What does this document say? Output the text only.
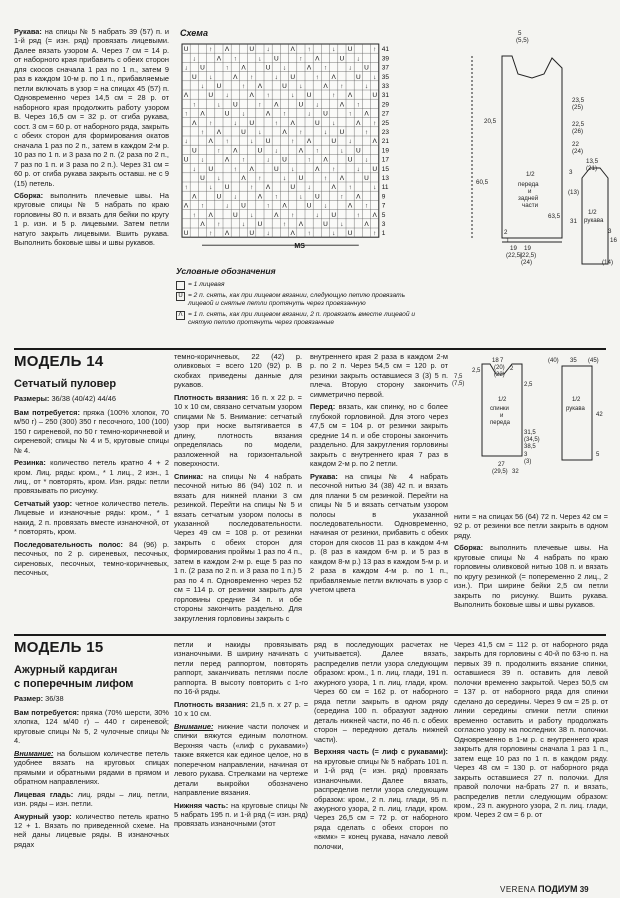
Рукава: на спицы № 5 набрать 39 (57) п. и 1-й ряд (= изн. ряд) провязать лицевыми. Далее вязать узором А. Через 7 см = 14 р. от наборного края прибавить с обеих сторон для скосов сначала 1 раз по 1 п., затем 9 раз в каждом 10-м р. по 1 п., прибавляемые петли включать в узор = на спицах 45 (57) п. Одновременно через 14,5 см = 28 р. от наборного края продолжить работу узором В. Через 16,5 см = 32 р. от сгиба рукава, сост. 3 см = 60 р. от наборного ряда, закрыть с обеих сторон для формирования окатов сначала 1 раз по 2 п., затем в каждом 2-м р. 10 раз по 1 п. и 3 раза по 2 п. (2 раза по 2 п., 7 раз по 1 п. и 3 раза по 2 п.). Через 31 см = 60 р. от сгиба рукава закрыть оставш. не с 9 (15) петель.

Сборка: выполнить плечевые швы. На круговые спицы № 5 набрать по краю горловины 80 п. и вязать для бейки по кругу 1 р. изн. и 5 р. лицевыми. Затем петли натуго закрыть лицевыми. Вшить рукава. Выполнить боковые швы и швы рукавов.

Схема
U	↑ Λ	U ↓	Λ ↑	↓ U	↑ 41
↓	Λ ↑	↓ U	↑ Λ	U ↓	39
↓ U	↑ Λ	U ↓	Λ ↑	↓ U 37
U ↓	Λ ↑	↓ U	↑ Λ	U ↓ 35
↓ U	↑ Λ	U ↓	Λ ↑	↓ 33
Λ	U ↓	Λ ↑	↓ U	↑ Λ	U 31
↑	↓ U	↑ Λ	U ↓	Λ ↑	29
↑ Λ	U ↓	Λ ↑	↓ U	↑ Λ 27
Λ ↑	↓ U	↑ Λ	U ↓	Λ ↑ 25
↑ Λ	U ↓	Λ ↑	↓ U	↑ 23
↓	Λ ↑	↓ U	↑ Λ	U ↓	Λ 21
U	↑ Λ	U ↓	Λ ↑	↓ U	19
U ↓	Λ ↑	↓ U	↑ Λ	U ↓ 17
↓ U	↑ Λ	U ↓	Λ ↑	↓ U 15
U ↓	Λ ↑	↓ U	↑ Λ	U 13
↑	↓ U	↑ Λ	U ↓	Λ ↑	↓ 11
Λ	U ↓	Λ ↑	↓ U	↑ Λ	9
Λ ↑	↓ U	↑ Λ	U ↓	Λ ↑ 7
↑ Λ	U ↓	Λ ↑	↓ U	↑ Λ 5
Λ ↑	↓ U	↑ Λ	U ↓	Λ 3
U	↑ Λ	U ↓	Λ ↑	↓ U	↑ 1
MS
Условные обозначения

= 1 лицевая
U = 2 п. снять, как при лицевом вязании, следующую петлю провязать лицевой и снятые петли протянуть через провязанную
Λ = 1 п. снять, как при лицевом вязании, 2 п. провязать вместе лицевой и снятую петлю протянуть через провязанные
5
(5,5)
23,5
(25)
22,5
(26)
22
(24)
3
20,5
60,5
63,5
1/2
переда
и
задней
части
2
1
19
(22,5)
(24)
13,5
(21)
(13)
31
1/2
рукава
3
16
(14)
19
(22,5)
МОДЕЛЬ 14
Сетчатый пуловер
Размеры: 36/38 (40/42) 44/46

Вам потребуется: пряжа (100% хлопок, 70 м/50 г) – 250 (300) 350 г песочного, 100 (100) 150 г сиреневой, по 50 г темно-коричневой и сиреневой; спицы № 4 и 5, круговые спицы № 4.

Резинка: количество петель кратно 4 + 2 кром. Лиц. ряды: кром., * 1 лиц., 2 изн., 1 лиц., от * повторять, кром. Изн. ряды: петли провязывать по рисунку.

Сетчатый узор: четное количество петель. Лицевые и изнаночные ряды: кром., * 1 накид, 2 п. провязать вместе изнаночной, от * повторять, кром.

Последовательность полос: 84 (96) р. песочных, по 2 р. сиреневых, песочных, сиреновых, песочных, темно-коричневых, песочных,

темно-коричневых, 22 (42) р. оливковых = всего 120 (92) р. В скобках приведены данные для рукавов.

Плотность вязания: 16 п. х 22 р. = 10 х 10 см, связано сетчатым узором спицами № 5. Внимание: сетчатый узор при носке вытягивается в длину, плотность вязания определялась по модели, разложенной на горизонтальной поверхности.

Спинка: на спицы № 4 набрать песочной нитью 86 (94) 102 п. и вязать для нижней планки 3 см резинкой. Перейти на спицы № 5 и вязать сетчатым узором полосы в указанной последовательности. Через 49 см = 108 р. от резинки закрыть с обеих сторон для формирования проймы 1 раз по 4 п., затем в каждом 2-м р. еще 5 раз по 1 п. (2 раза по 2 п. и 3 раза по 1 п.) 5 раз по 4 п. Одновременно через 52 см = 114 р. от резинки закрыть для горловины средние 34 п. и обе стороны закончить раздельно. Для закругления горловины закрыть с

внутреннего края 2 раза в каждом 2-м р. по 2 п. Через 54,5 см = 120 р. от резинки закрыть оставшиеся 3 (3) 5 п. плеча. Вторую сторону закончить симметрично первой.

Перед: вязать, как спинку, но с более глубокой горловиной. Для этого через 47,5 см = 104 р. от резинки закрыть средние 14 п. и обе стороны закончить раздельно. Для закругления горловины закрыть с внутреннего края 7 раз в каждом 2-м р. по 2 петли.

Рукава: на спицы № 4 набрать песочной нитью 34 (38) 42 п. и вязать для планки 5 см резинкой. Перейти на спицы № 5 и вязать сетчатым узором полосы в указанной последовательности. Одновременно, начиная от резинки, прибавить с обеих сторон для скосов 11 раз в каждом 4-м р. (8 раз в каждом 6-м р. и 5 раз в каждом 8-м р.) 13 раз в каждом 5-м р. и 2 раза в каждом 4-м р. по 1 п., прибавляемые петли включать в узор с учетом цвета

7,5
(7,5)
2,5
7
2
18
(20)
(22)
2,5
1/2
спинки
и
переда
31,5
(34,5)
38,5
3
(3)
27
(29,5) 32
1/2
рукава
35
(40)	(45)
42
5

нити = на спицах 56 (64) 72 п. Через 42 см = 92 р. от резинки все петли закрыть в одном ряду.

Сборка: выполнить плечевые швы. На круговые спицы № 4 набрать по краю горловины оливковой нитью 108 п. и вязать по кругу резинкой (= попеременно 2 лиц., 2 изн.). При ширине бейки 2,5 см петли закрыть по рисунку. Вшить рукава. Выполнить боковые швы и швы рукавов.

МОДЕЛЬ 15
Ажурный кардиган
с поперечным лифом
Размер: 36/38

Вам потребуется: пряжа (70% шерсти, 30% хлопка, 124 м/40 г) – 440 г сиреневой; круговые спицы № 5, 2 чулочные спицы № 4.

Внимание: на большом количестве петель удобнее вязать на круговых спицах прямыми и обратными рядами в прямом и обратном направлениях.

Лицевая гладь: лиц. ряды – лиц. петли, изн. ряды – изн. петли.

Ажурный узор: количество петель кратно 12 + 1. Вязать по приведенной схеме. На ней даны лицевые ряды. В изнаночных рядах

петли и накиды провязывать изнаночными. В ширину начинать с петли перед раппортом, повторять раппорт, заканчивать петлями после раппорта. В высоту повторить с 1-го по 16-й ряды.

Плотность вязания: 21,5 п. х 27 р. = 10 х 10 см.

Внимание: нижние части полочек и спинки вяжутся единым полотном. Верхняя часть («лиф с рукавами») также вяжется как единое целое, но в поперечном направлении, начиная от левого рукава. Стрелками на чертеже детали выкройки обозначено направление вязания.

Нижняя часть: на круговые спицы № 5 набрать 195 п. и 1-й ряд (= изн. ряд) провязать изнаночными (этот

ряд в последующих расчетах не учитывается). Далее вязать, распределив петли узора следующим образом: кром., 1 п. лиц. глади, 191 п. ажурного узора, 1 п. лиц. глади, кром. Через 60 см = 162 р. от наборного ряда петли закрыть в одном ряду (середина 100 п. образуют заднюю деталь нижней части, по 46 п. с обеих сторон – переднюю деталь нижней части).

Верхняя часть (= лиф с рукавами): на круговые спицы № 5 набрать 101 п. и 1-й ряд (= изн. ряд) провязать изнаночными. Далее вязать, распределив петли узора следующим образом: кром., 2 п. лиц. глади, 95 п. ажурного узора, 2 п. лиц. глади, кром. Через 26,5 см = 72 р. от наборного ряда сделать с обеих сторон по «вкмк» = конец рукава, начало левой полочки,

Через 41,5 см = 112 р. от наборного ряда закрыть для горловины с 40-й по 63-ю п. на первых 39 п. продолжить вязание спинки, оставшиеся 39 п. оставить для левой полочки временно закрытой. Через 50,5 см = 137 р. от наборного ряда для спинки сделано до середины. Через 9 см = 25 р. от линии середины спинки петли спинки временно оставить и работу продолжать согласно узору на последних 38 п. полочки. Одновременно в 1-м р. с внутреннего края закрыть для горловины сначала 1 раз 1 п., затем еще 10 раз по 1 п. в каждом ряду. Через 48 см = 130 р. от наборного ряда закрыть оставшиеся 27 п. полочки. Для правой полочки на-брать 27 п. и вязать, распределив петли следующим образом: кром., 23 п. ажурного узора, 2 п. лиц. глади, кром. Через 2 см = 6 р. от

VERENA ПОДИУМ 39
